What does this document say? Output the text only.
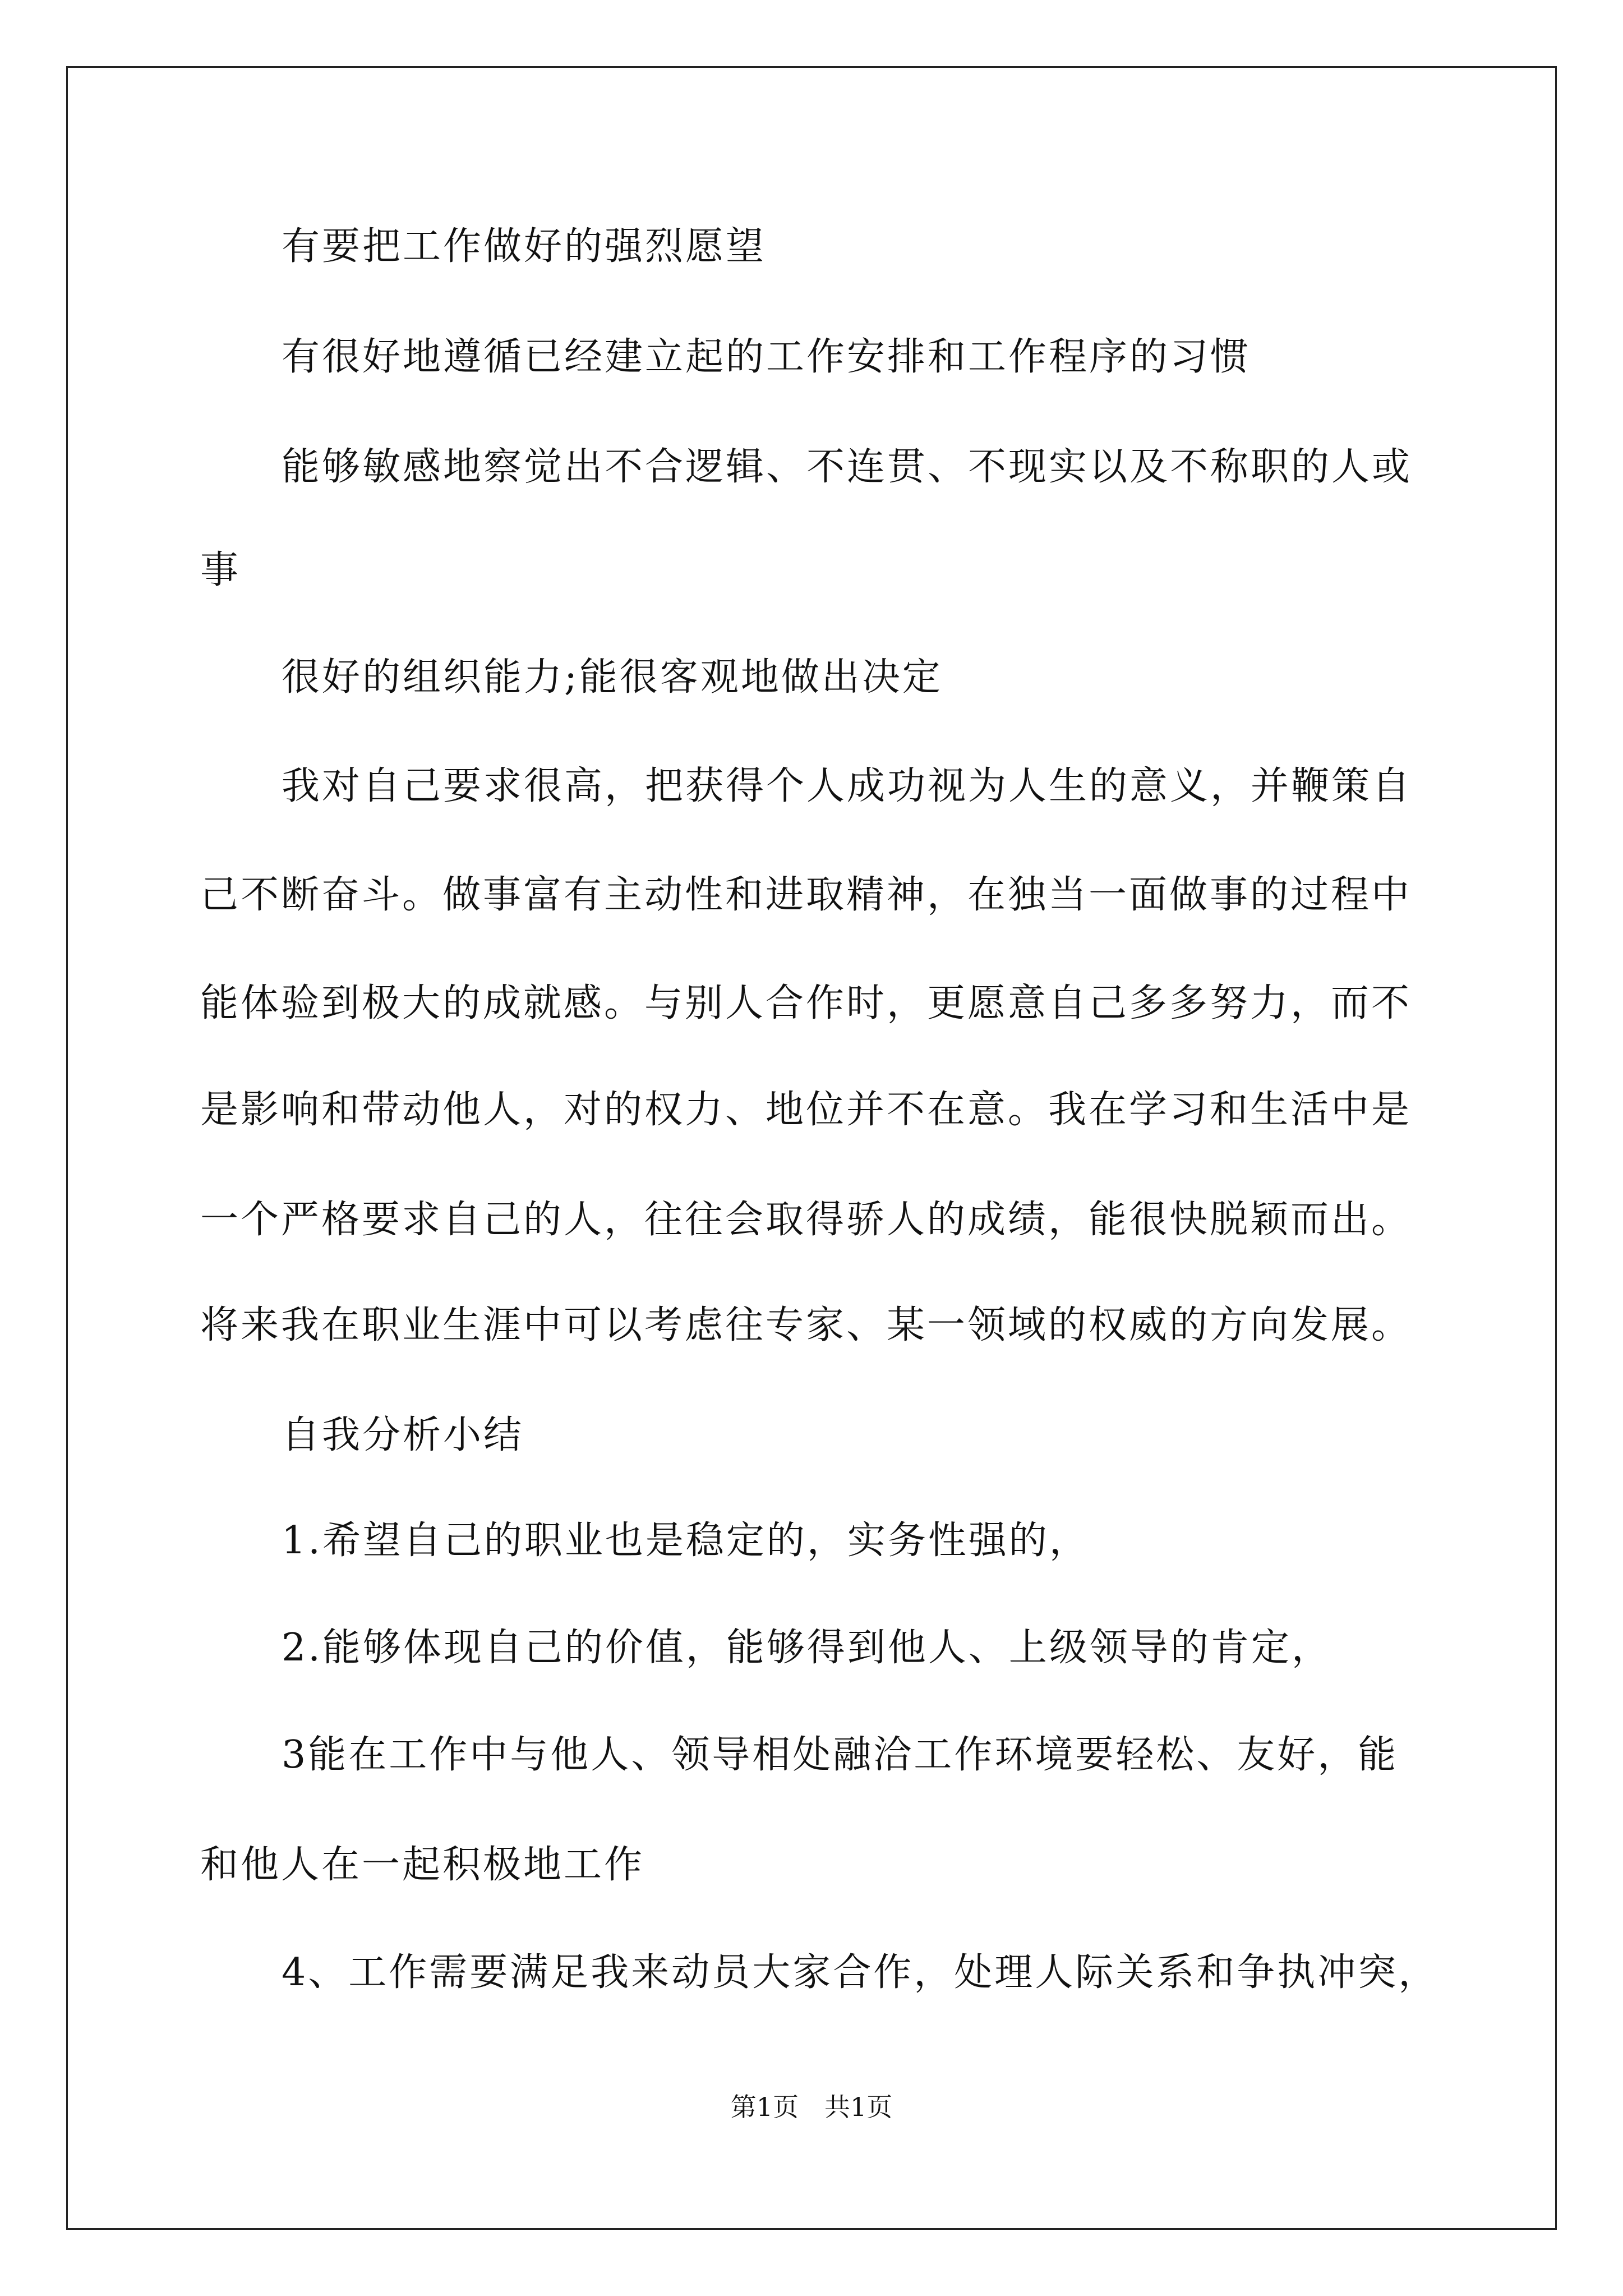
　　有要把工作做好的强烈愿望
　　有很好地遵循已经建立起的工作安排和工作程序的习惯
　　能够敏感地察觉出不合逻辑、不连贯、不现实以及不称职的人或
事
　　很好的组织能力;能很客观地做出决定
　　我对自己要求很高，把获得个人成功视为人生的意义，并鞭策自
己不断奋斗。做事富有主动性和进取精神，在独当一面做事的过程中
能体验到极大的成就感。与别人合作时，更愿意自己多多努力，而不
是影响和带动他人，对的权力、地位并不在意。我在学习和生活中是
一个严格要求自己的人，往往会取得骄人的成绩，能很快脱颖而出。
将来我在职业生涯中可以考虑往专家、某一领域的权威的方向发展。
　　自我分析小结
　　1.希望自己的职业也是稳定的，实务性强的，
　　2.能够体现自己的价值，能够得到他人、上级领导的肯定，
　　3能在工作中与他人、领导相处融洽工作环境要轻松、友好，能
和他人在一起积极地工作
　　4、工作需要满足我来动员大家合作，处理人际关系和争执冲突，
第1页　共1页
